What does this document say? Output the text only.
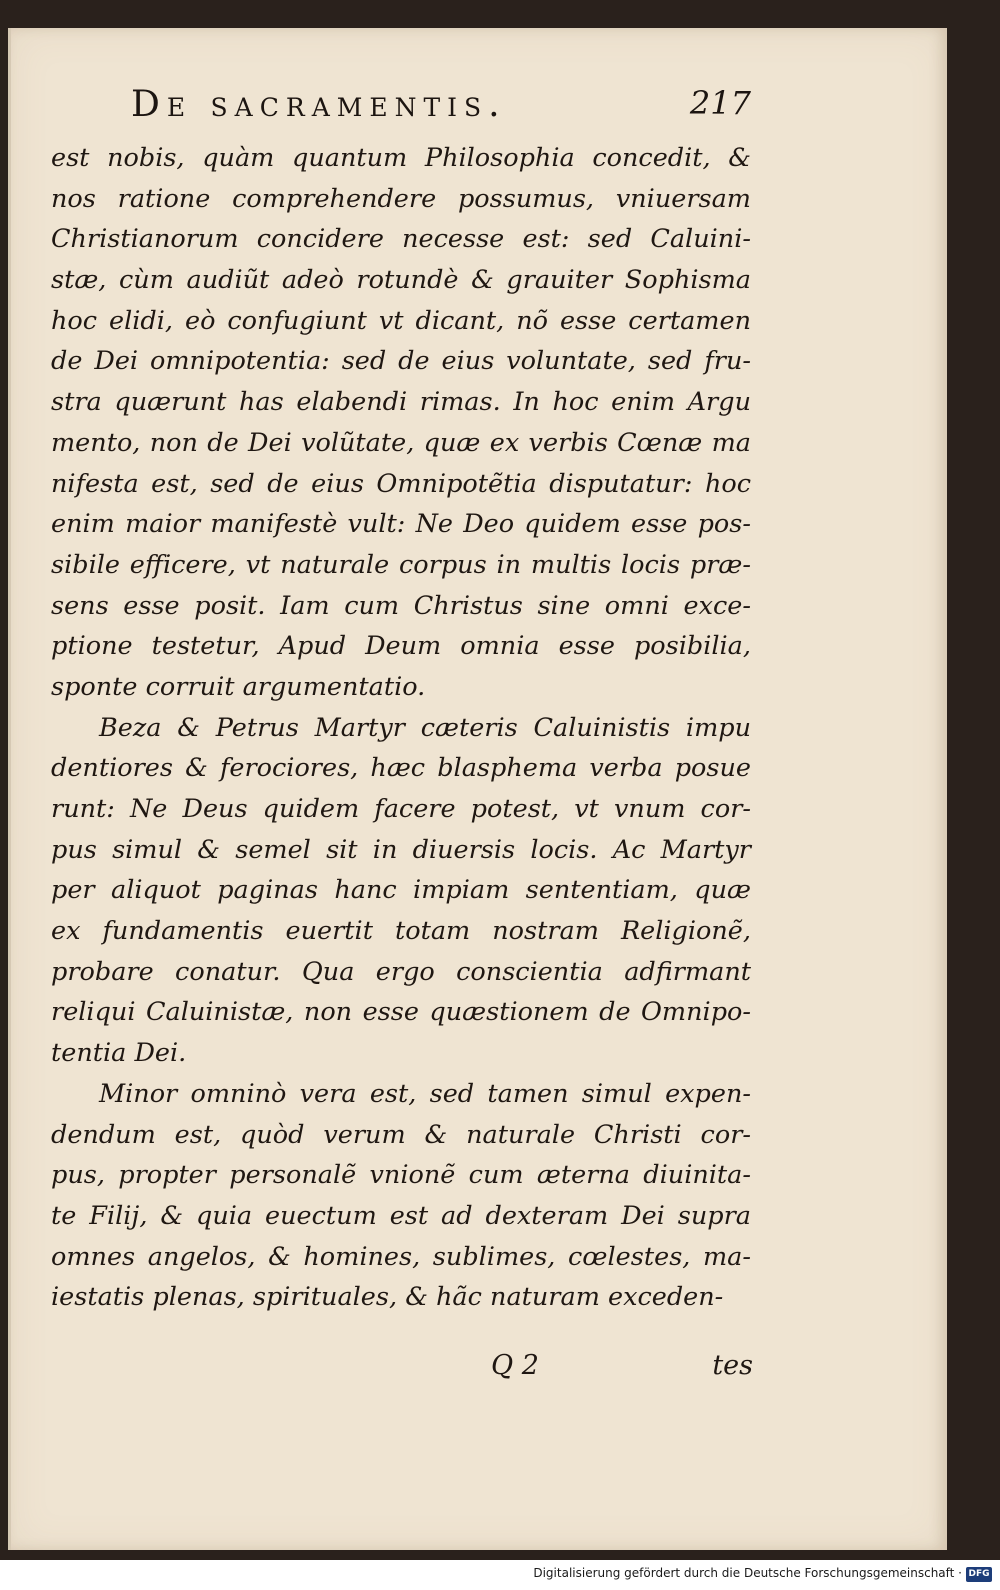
De sacramentis.	217
est nobis, quàm quantum Philosophia concedit, &
nos ratione comprehendere possumus, vniuersam
Christianorum concidere necesse est: sed Caluini-
stæ, cùm audiũt adeò rotundè & grauiter Sophisma
hoc elidi, eò confugiunt vt dicant, nõ esse certamen
de Dei omnipotentia: sed de eius voluntate, sed fru-
stra quærunt has elabendi rimas. In hoc enim Argu
mento, non de Dei volũtate, quæ ex verbis Cœnæ ma
nifesta est, sed de eius Omnipotẽtia disputatur: hoc
enim maior manifestè vult: Ne Deo quidem esse pos-
sibile efficere, vt naturale corpus in multis locis præ-
sens esse posit. Iam cum Christus sine omni exce-
ptione testetur, Apud Deum omnia esse posibilia,
sponte corruit argumentatio.
Beza & Petrus Martyr cæteris Caluinistis impu
dentiores & ferociores, hæc blasphema verba posue
runt: Ne Deus quidem facere potest, vt vnum cor-
pus simul & semel sit in diuersis locis. Ac Martyr
per aliquot paginas hanc impiam sententiam, quæ
ex fundamentis euertit totam nostram Religionẽ,
probare conatur. Qua ergo conscientia adfirmant
reliqui Caluinistæ, non esse quæstionem de Omnipo-
tentia Dei.
Minor omninò vera est, sed tamen simul expen-
dendum est, quòd verum & naturale Christi cor-
pus, propter personalẽ vnionẽ cum æterna diuinita-
te Filij, & quia euectum est ad dexteram Dei supra
omnes angelos, & homines, sublimes, cœlestes, ma-
iestatis plenas, spirituales, & hãc naturam exceden-
Q 2	tes
Digitalisierung gefördert durch die Deutsche Forschungsgemeinschaft · DFG
